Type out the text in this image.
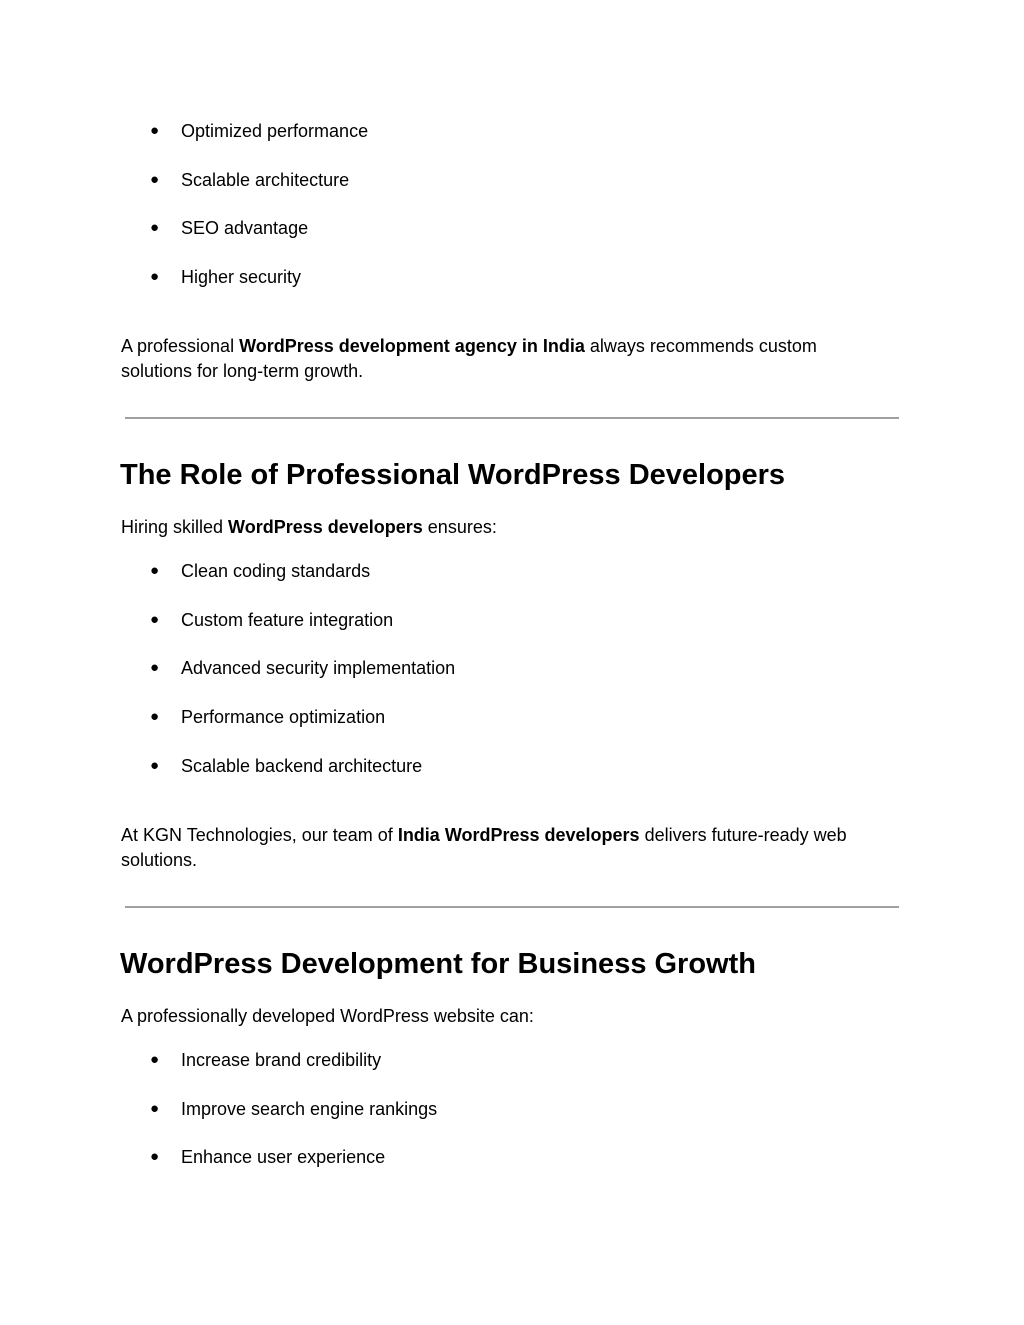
● Optimized performance
● Scalable architecture
● SEO advantage
● Higher security

A professional WordPress development agency in India always recommends custom solutions for long-term growth.

The Role of Professional WordPress Developers

Hiring skilled WordPress developers ensures:

● Clean coding standards
● Custom feature integration
● Advanced security implementation
● Performance optimization
● Scalable backend architecture

At KGN Technologies, our team of India WordPress developers delivers future-ready web solutions.

WordPress Development for Business Growth

A professionally developed WordPress website can:

● Increase brand credibility
● Improve search engine rankings
● Enhance user experience
